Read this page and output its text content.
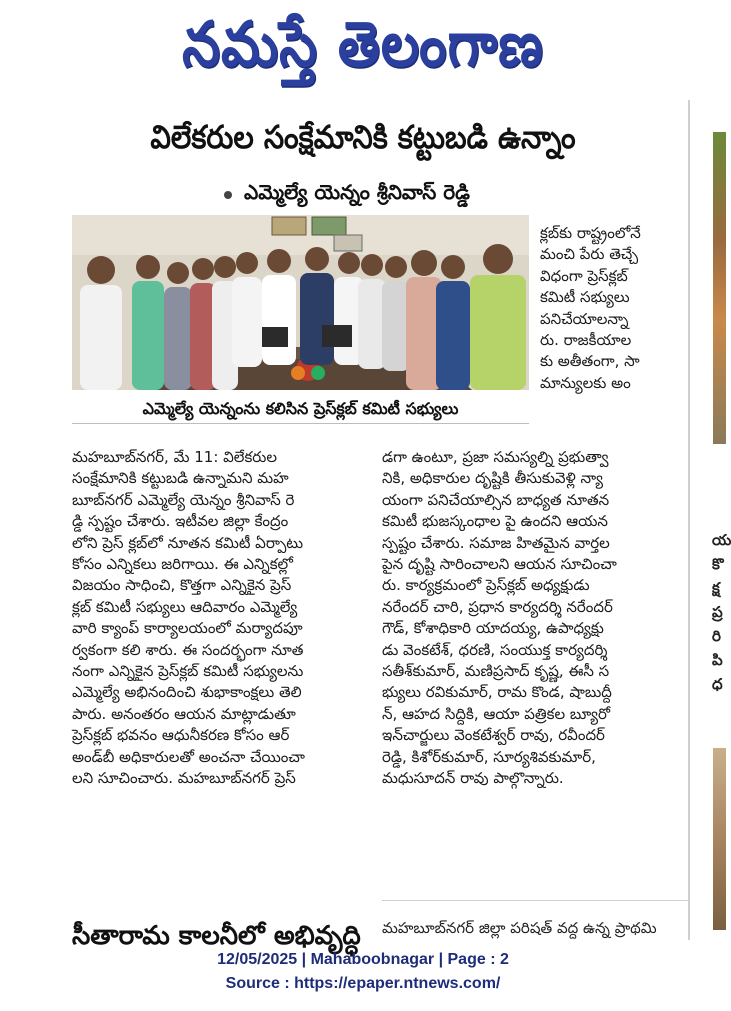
నమస్తే తెలంగాణ
య
కొ
క్ష
ప్ర
రి
పి
ధ
విలేకరుల సంక్షేమానికి కట్టుబడి ఉన్నాం
ఎమ్మెల్యే యెన్నం శ్రీనివాస్ రెడ్డి
ఎమ్మెల్యే యెన్నంను కలిసిన ప్రెస్‌క్లబ్ కమిటీ సభ్యులు
క్లబ్‌కు రాష్ట్రంలోనే
మంచి పేరు తెచ్చే
విధంగా ప్రెస్‌క్లబ్
కమిటీ సభ్యులు
పనిచేయాలన్నా
రు. రాజకీయాల
కు అతీతంగా, సా
మాన్యులకు అం
మహబూబ్‌నగర్, మే 11: విలేకరుల
సంక్షేమానికి కట్టుబడి ఉన్నామని మహ
బూబ్‌నగర్ ఎమ్మెల్యే యెన్నం శ్రీనివాస్ రె
డ్డి స్పష్టం చేశారు. ఇటీవల జిల్లా కేంద్రం
లోని ప్రెస్ క్లబ్‌లో నూతన కమిటీ ఏర్పాటు
కోసం ఎన్నికలు జరిగాయి. ఈ ఎన్నికల్లో
విజయం సాధించి, కొత్తగా ఎన్నికైన ప్రెస్
క్లబ్ కమిటీ సభ్యులు ఆదివారం ఎమ్మెల్యే
వారి క్యాంప్ కార్యాలయంలో మర్యాదపూ
ర్వకంగా కలి శారు. ఈ సందర్భంగా నూత
నంగా ఎన్నికైన ప్రెస్‌క్లబ్ కమిటీ సభ్యులను
ఎమ్మెల్యే అభినందించి శుభాకాంక్షలు తెలి
పారు. అనంతరం ఆయన మాట్లాడుతూ
ప్రెస్‌క్లబ్ భవనం ఆధునీకరణ కోసం ఆర్
అండ్‌బీ అధికారులతో అంచనా చేయించా
లని సూచించారు. మహబూబ్‌నగర్ ప్రెస్
డగా ఉంటూ, ప్రజా సమస్యల్ని ప్రభుత్వా
నికి, అధికారుల దృష్టికి తీసుకువెళ్లి న్యా
యంగా పనిచేయాల్సిన బాధ్యత నూతన
కమిటీ భుజస్కంధాల పై ఉందని ఆయన
స్పష్టం చేశారు. సమాజ హితమైన వార్తల
పైన దృష్టి సారించాలని ఆయన సూచించా
రు. కార్యక్రమంలో ప్రెస్‌క్లబ్ అధ్యక్షుడు
నరేందర్ చారి, ప్రధాన కార్యదర్శి నరేందర్
గౌడ్, కోశాధికారి యాదయ్య, ఉపాధ్యక్షు
డు వెంకటేశ్, ధరణి, సంయుక్త కార్యదర్శి
సతీశ్‌కుమార్, మణిప్రసాద్ కృష్ణ, ఈసీ స
భ్యులు రవికుమార్, రామ కొండ, షాబుద్దీ
న్, ఆహద సిద్దికి, ఆయా పత్రికల బ్యూరో
ఇన్‌చార్జులు వెంకటేశ్వర్ రావు, రవీందర్
రెడ్డి, కిశోర్‌కుమార్, సూర్యశివకుమార్,
మధుసూదన్ రావు పాల్గొన్నారు.
సీతారామ కాలనీలో అభివృద్ధి మహబూబ్‌నగర్ జిల్లా పరిషత్ వద్ద ఉన్న ప్రాథమి
12/05/2025 | Mahaboobnagar | Page : 2
Source : https://epaper.ntnews.com/
